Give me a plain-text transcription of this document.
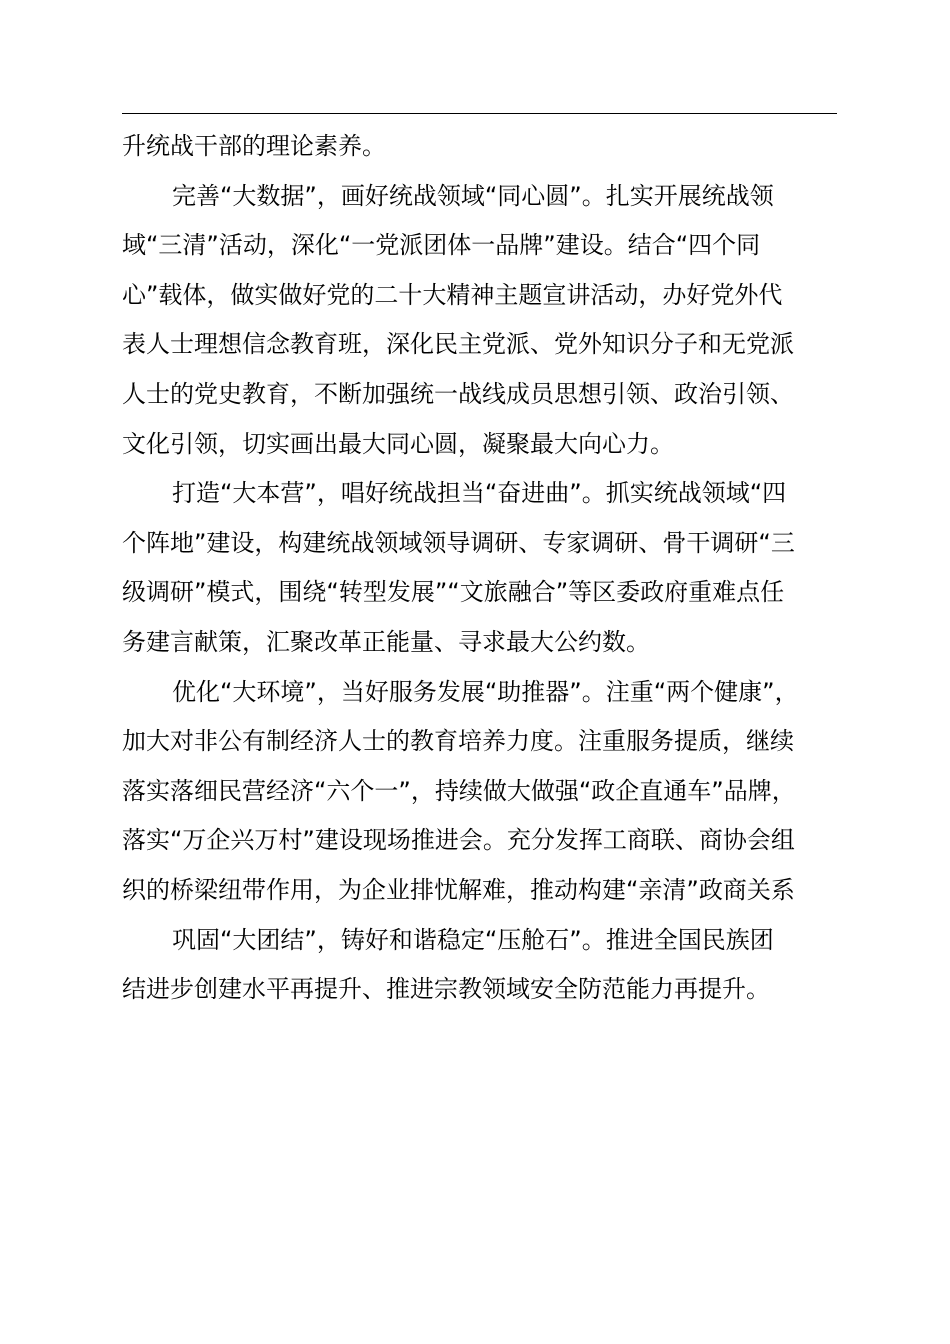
升统战干部的理论素养。
完善“大数据”，画好统战领域“同心圆”。扎实开展统战领
域“三清”活动，深化“一党派团体一品牌”建设。结合“四个同
心”载体，做实做好党的二十大精神主题宣讲活动，办好党外代
表人士理想信念教育班，深化民主党派、党外知识分子和无党派
人士的党史教育，不断加强统一战线成员思想引领、政治引领、
文化引领，切实画出最大同心圆，凝聚最大向心力。
打造“大本营”，唱好统战担当“奋进曲”。抓实统战领域“四
个阵地”建设，构建统战领域领导调研、专家调研、骨干调研“三
级调研”模式，围绕“转型发展”“文旅融合”等区委政府重难点任
务建言献策，汇聚改革正能量、寻求最大公约数。
优化“大环境”，当好服务发展“助推器”。注重“两个健康”，
加大对非公有制经济人士的教育培养力度。注重服务提质，继续
落实落细民营经济“六个一”，持续做大做强“政企直通车”品牌，
落实“万企兴万村”建设现场推进会。充分发挥工商联、商协会组
织的桥梁纽带作用，为企业排忧解难，推动构建“亲清”政商关系
巩固“大团结”，铸好和谐稳定“压舱石”。推进全国民族团
结进步创建水平再提升、推进宗教领域安全防范能力再提升。
